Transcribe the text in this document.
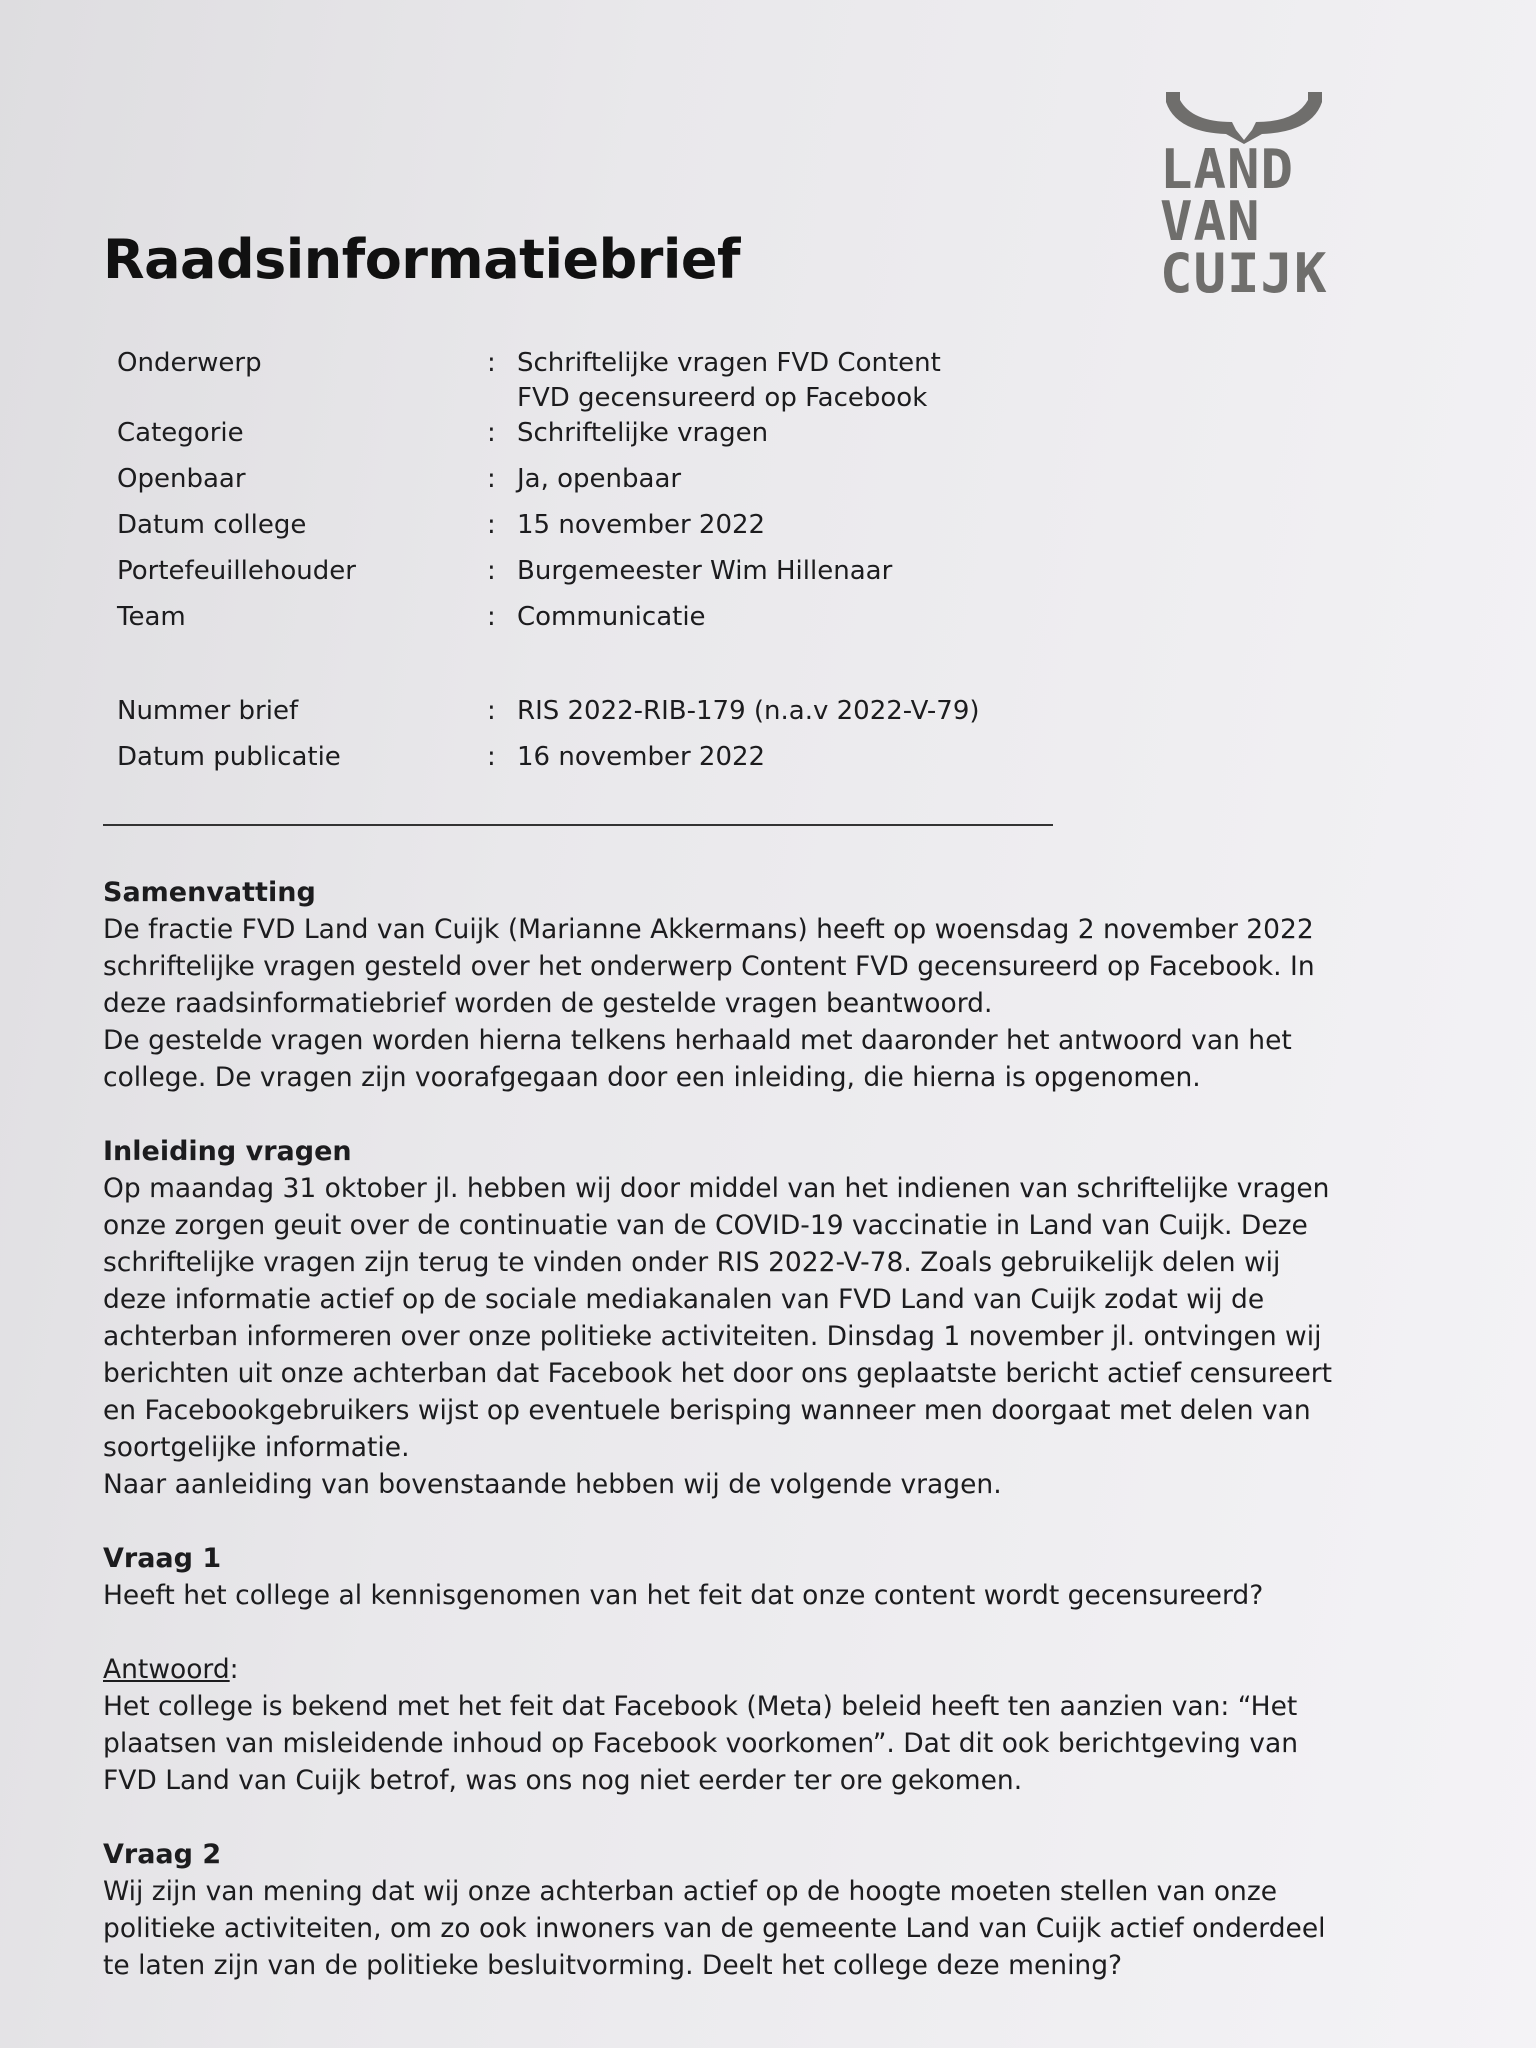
LAND
VAN
CUIJK
Raadsinformatiebrief
Onderwerp	: Schriftelijke vragen FVD Content FVD gecensureerd op Facebook
Categorie	: Schriftelijke vragen
Openbaar	: Ja, openbaar
Datum college	: 15 november 2022
Portefeuillehouder	: Burgemeester Wim Hillenaar
Team	: Communicatie
Nummer brief	: RIS 2022-RIB-179 (n.a.v 2022-V-79)
Datum publicatie	: 16 november 2022
Samenvatting

De fractie FVD Land van Cuijk (Marianne Akkermans) heeft op woensdag 2 november 2022 schriftelijke vragen gesteld over het onderwerp Content FVD gecensureerd op Facebook. In deze raadsinformatiebrief worden de gestelde vragen beantwoord.

De gestelde vragen worden hierna telkens herhaald met daaronder het antwoord van het college. De vragen zijn voorafgegaan door een inleiding, die hierna is opgenomen.

Inleiding vragen

Op maandag 31 oktober jl. hebben wij door middel van het indienen van schriftelijke vragen onze zorgen geuit over de continuatie van de COVID-19 vaccinatie in Land van Cuijk. Deze schriftelijke vragen zijn terug te vinden onder RIS 2022-V-78. Zoals gebruikelijk delen wij deze informatie actief op de sociale mediakanalen van FVD Land van Cuijk zodat wij de achterban informeren over onze politieke activiteiten. Dinsdag 1 november jl. ontvingen wij berichten uit onze achterban dat Facebook het door ons geplaatste bericht actief censureert en Facebookgebruikers wijst op eventuele berisping wanneer men doorgaat met delen van soortgelijke informatie.

Naar aanleiding van bovenstaande hebben wij de volgende vragen.

Vraag 1

Heeft het college al kennisgenomen van het feit dat onze content wordt gecensureerd?

Antwoord:

Het college is bekend met het feit dat Facebook (Meta) beleid heeft ten aanzien van: “Het plaatsen van misleidende inhoud op Facebook voorkomen”. Dat dit ook berichtgeving van FVD Land van Cuijk betrof, was ons nog niet eerder ter ore gekomen.

Vraag 2

Wij zijn van mening dat wij onze achterban actief op de hoogte moeten stellen van onze politieke activiteiten, om zo ook inwoners van de gemeente Land van Cuijk actief onderdeel te laten zijn van de politieke besluitvorming. Deelt het college deze mening?
